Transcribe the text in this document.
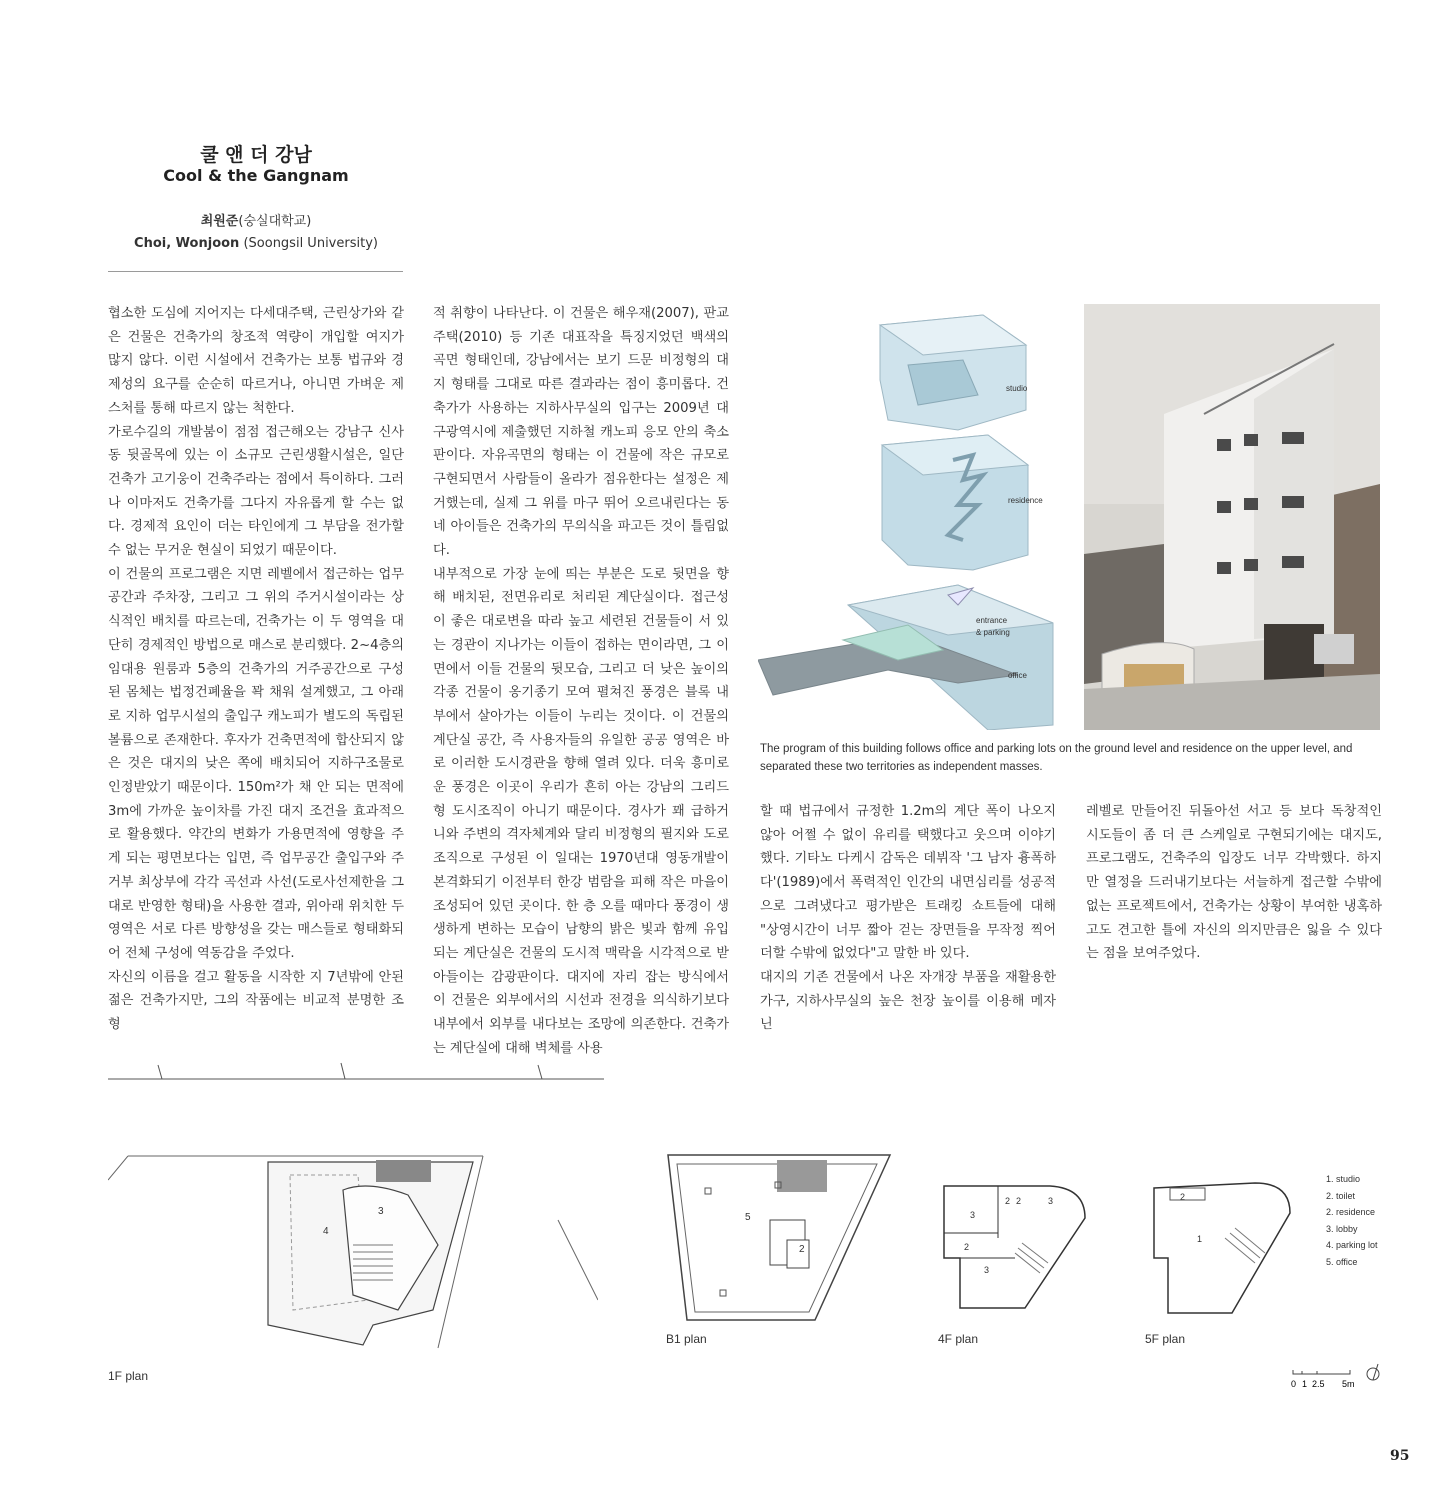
쿨 앤 더 강남
Cool & the Gangnam
최원준(숭실대학교)
Choi, Wonjoon (Soongsil University)

협소한 도심에 지어지는 다세대주택, 근린상가와 같은 건물은 건축가의 창조적 역량이 개입할 여지가 많지 않다. 이런 시설에서 건축가는 보통 법규와 경제성의 요구를 순순히 따르거나, 아니면 가벼운 제스처를 통해 따르지 않는 척한다.

가로수길의 개발붐이 점점 접근해오는 강남구 신사동 뒷골목에 있는 이 소규모 근린생활시설은, 일단 건축가 고기웅이 건축주라는 점에서 특이하다. 그러나 이마저도 건축가를 그다지 자유롭게 할 수는 없다. 경제적 요인이 더는 타인에게 그 부담을 전가할 수 없는 무거운 현실이 되었기 때문이다.

이 건물의 프로그램은 지면 레벨에서 접근하는 업무공간과 주차장, 그리고 그 위의 주거시설이라는 상식적인 배치를 따르는데, 건축가는 이 두 영역을 대단히 경제적인 방법으로 매스로 분리했다. 2~4층의 임대용 원룸과 5층의 건축가의 거주공간으로 구성된 몸체는 법정건폐율을 꽉 채워 설계했고, 그 아래로 지하 업무시설의 출입구 캐노피가 별도의 독립된 볼륨으로 존재한다. 후자가 건축면적에 합산되지 않은 것은 대지의 낮은 쪽에 배치되어 지하구조물로 인정받았기 때문이다. 150m²가 채 안 되는 면적에 3m에 가까운 높이차를 가진 대지 조건을 효과적으로 활용했다. 약간의 변화가 가용면적에 영향을 주게 되는 평면보다는 입면, 즉 업무공간 출입구와 주거부 최상부에 각각 곡선과 사선(도로사선제한을 그대로 반영한 형태)을 사용한 결과, 위아래 위치한 두 영역은 서로 다른 방향성을 갖는 매스들로 형태화되어 전체 구성에 역동감을 주었다.

자신의 이름을 걸고 활동을 시작한 지 7년밖에 안된 젊은 건축가지만, 그의 작품에는 비교적 분명한 조형

적 취향이 나타난다. 이 건물은 해우재(2007), 판교주택(2010) 등 기존 대표작을 특징지었던 백색의 곡면 형태인데, 강남에서는 보기 드문 비정형의 대지 형태를 그대로 따른 결과라는 점이 흥미롭다. 건축가가 사용하는 지하사무실의 입구는 2009년 대구광역시에 제출했던 지하철 캐노피 응모 안의 축소판이다. 자유곡면의 형태는 이 건물에 작은 규모로 구현되면서 사람들이 올라가 점유한다는 설정은 제거했는데, 실제 그 위를 마구 뛰어 오르내린다는 동네 아이들은 건축가의 무의식을 파고든 것이 틀림없다.

내부적으로 가장 눈에 띄는 부분은 도로 뒷면을 향해 배치된, 전면유리로 처리된 계단실이다. 접근성이 좋은 대로변을 따라 높고 세련된 건물들이 서 있는 경관이 지나가는 이들이 접하는 면이라면, 그 이면에서 이들 건물의 뒷모습, 그리고 더 낮은 높이의 각종 건물이 옹기종기 모여 펼쳐진 풍경은 블록 내부에서 살아가는 이들이 누리는 것이다. 이 건물의 계단실 공간, 즉 사용자들의 유일한 공공 영역은 바로 이러한 도시경관을 향해 열려 있다. 더욱 흥미로운 풍경은 이곳이 우리가 흔히 아는 강남의 그리드형 도시조직이 아니기 때문이다. 경사가 꽤 급하거니와 주변의 격자체계와 달리 비정형의 필지와 도로 조직으로 구성된 이 일대는 1970년대 영동개발이 본격화되기 이전부터 한강 범람을 피해 작은 마을이 조성되어 있던 곳이다. 한 층 오를 때마다 풍경이 생생하게 변하는 모습이 남향의 밝은 빛과 함께 유입되는 계단실은 건물의 도시적 맥락을 시각적으로 받아들이는 감광판이다. 대지에 자리 잡는 방식에서 이 건물은 외부에서의 시선과 전경을 의식하기보다 내부에서 외부를 내다보는 조망에 의존한다. 건축가는 계단실에 대해 벽체를 사용

할 때 법규에서 규정한 1.2m의 계단 폭이 나오지 않아 어쩔 수 없이 유리를 택했다고 웃으며 이야기했다. 기타노 다케시 감독은 데뷔작 '그 남자 흉폭하다'(1989)에서 폭력적인 인간의 내면심리를 성공적으로 그려냈다고 평가받은 트래킹 쇼트들에 대해 "상영시간이 너무 짧아 걷는 장면들을 무작정 찍어 더할 수밖에 없었다"고 말한 바 있다.

대지의 기존 건물에서 나온 자개장 부품을 재활용한 가구, 지하사무실의 높은 천장 높이를 이용해 메자닌

레벨로 만들어진 뒤돌아선 서고 등 보다 독창적인 시도들이 좀 더 큰 스케일로 구현되기에는 대지도, 프로그램도, 건축주의 입장도 너무 각박했다. 하지만 열정을 드러내기보다는 서늘하게 접근할 수밖에 없는 프로젝트에서, 건축가는 상황이 부여한 냉혹하고도 견고한 틀에 자신의 의지만큼은 잃을 수 있다는 점을 보여주었다.

studio
residence
entrance
& parking
office
The program of this building follows office and parking lots on the ground level and residence on the upper level, and separated these two territories as independent masses.
4
3
1F plan
5
2
B1 plan
3
2 2	3
2
3
4F plan
2
1
5F plan
1. studio
2. toilet
2. residence
3. lobby
4. parking lot
5. office
0 1 2.5 5m
95
